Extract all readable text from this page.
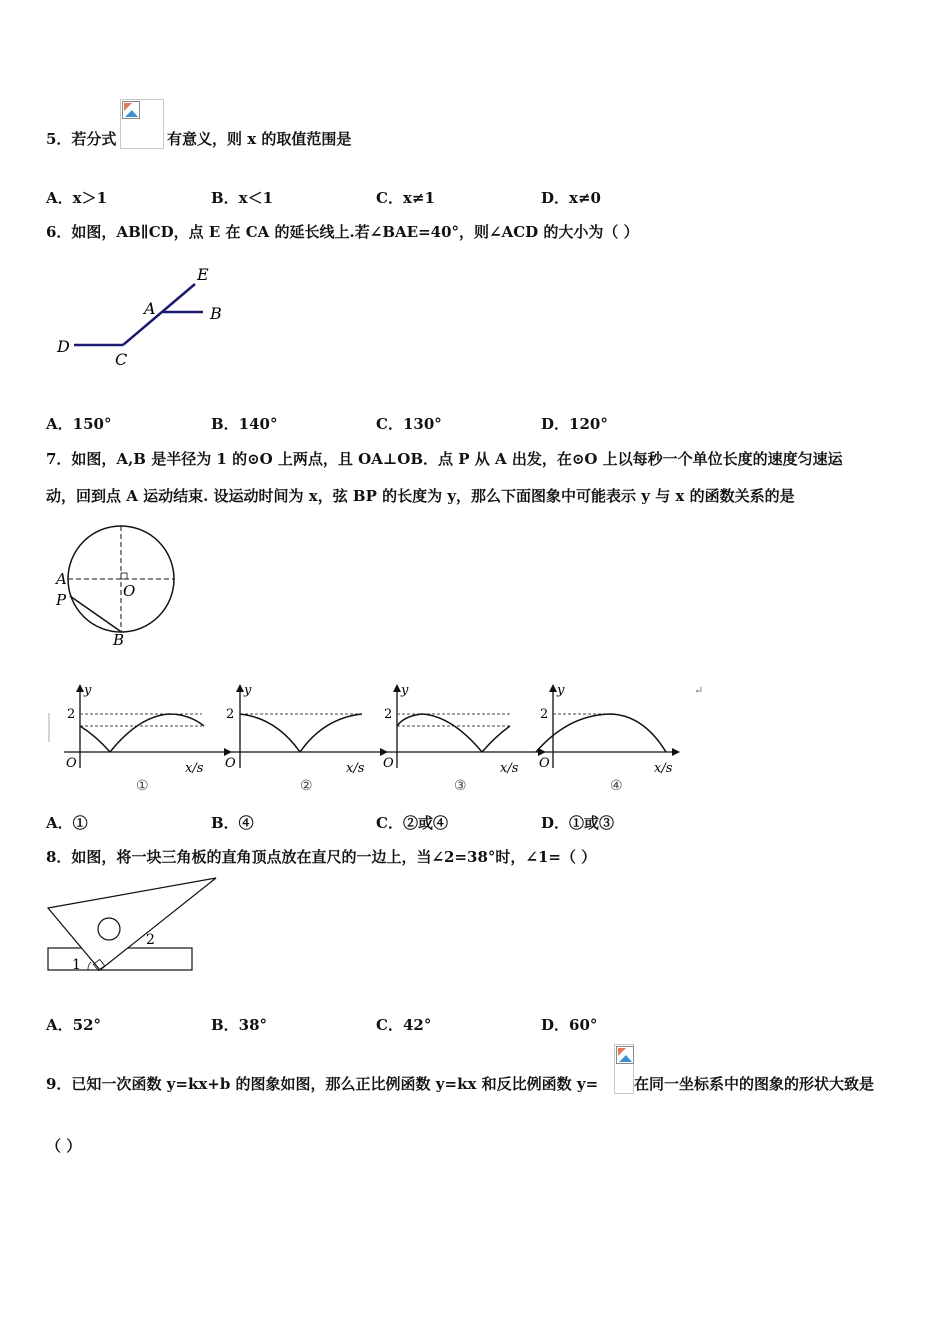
5．若分式	有意义，则 x 的取值范围是
A．x＞1	B．x＜1	C．x≠1	D．x≠0
6．如图，AB∥CD，点 E 在 CA 的延长线上.若∠BAE=40°，则∠ACD 的大小为（ ）
E
A	B
D
C
A．150°	B．140°	C．130°	D．120°
7．如图，A,B 是半径为 1 的⊙O 上两点，且 OA⊥OB．点 P 从 A 出发，在⊙O 上以每秒一个单位长度的速度匀速运
动，回到点 A 运动结束. 设运动时间为 x，弦 BP 的长度为 y，那么下面图象中可能表示 y 与 x 的函数关系的是
A
P	O
B
y
2
O	x/s
①
y
2
O	x/s
②
y
2
O	x/s
③
y
2
O	x/s
④
↵
A．①	B．④	C．②或④	D．①或③
8．如图，将一块三角板的直角顶点放在直尺的一边上，当∠2=38°时，∠1=（ ）
1
2
A．52°	B．38°	C．42°	D．60°
9．已知一次函数 y=kx+b 的图象如图，那么正比例函数 y=kx 和反比例函数 y= 在同一坐标系中的图象的形状大致是
（ ）
